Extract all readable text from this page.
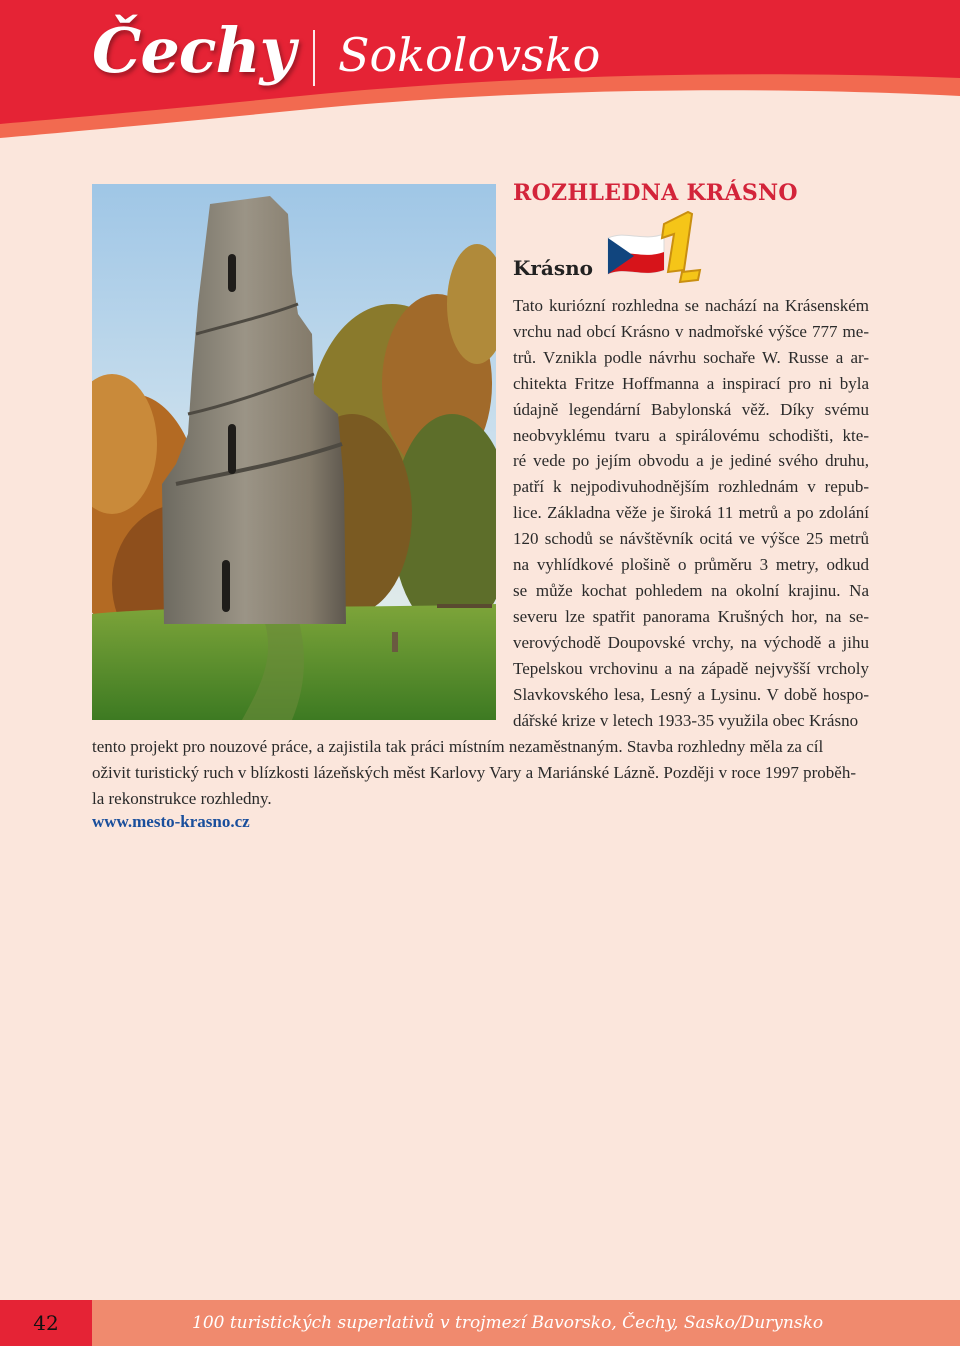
Čechy Sokolovsko
ROZHLEDNA KRÁSNO
Krásno
Tato kuriózní rozhledna se nachází na Krásenském
vrchu nad obcí Krásno v nadmořské výšce 777 me-
trů. Vznikla podle návrhu sochaře W. Russe a ar-
chitekta Fritze Hoffmanna a inspirací pro ni byla
údajně legendární Babylonská věž. Díky svému
neobvyklému tvaru a spirálovému schodišti, kte-
ré vede po jejím obvodu a je jediné svého druhu,
patří k nejpodivuhodnějším rozhlednám v repub-
lice. Základna věže je široká 11 metrů a po zdolání
120 schodů se návštěvník ocitá ve výšce 25 metrů
na vyhlídkové plošině o průměru 3 metry, odkud
se může kochat pohledem na okolní krajinu. Na
severu lze spatřit panorama Krušných hor, na se-
verovýchodě Doupovské vrchy, na východě a jihu
Tepelskou vrchovinu a na západě nejvyšší vrcholy
Slavkovského lesa, Lesný a Lysinu. V době hospo-
dářské krize v letech 1933-35 využila obec Krásno
tento projekt pro nouzové práce, a zajistila tak práci místním nezaměstnaným. Stavba rozhledny měla za cíl
oživit turistický ruch v blízkosti lázeňských měst Karlovy Vary a Mariánské Lázně. Později v roce 1997 proběh-
la rekonstrukce rozhledny.
www.mesto-krasno.cz
42	100 turistických superlativů v trojmezí Bavorsko, Čechy, Sasko/Durynsko
